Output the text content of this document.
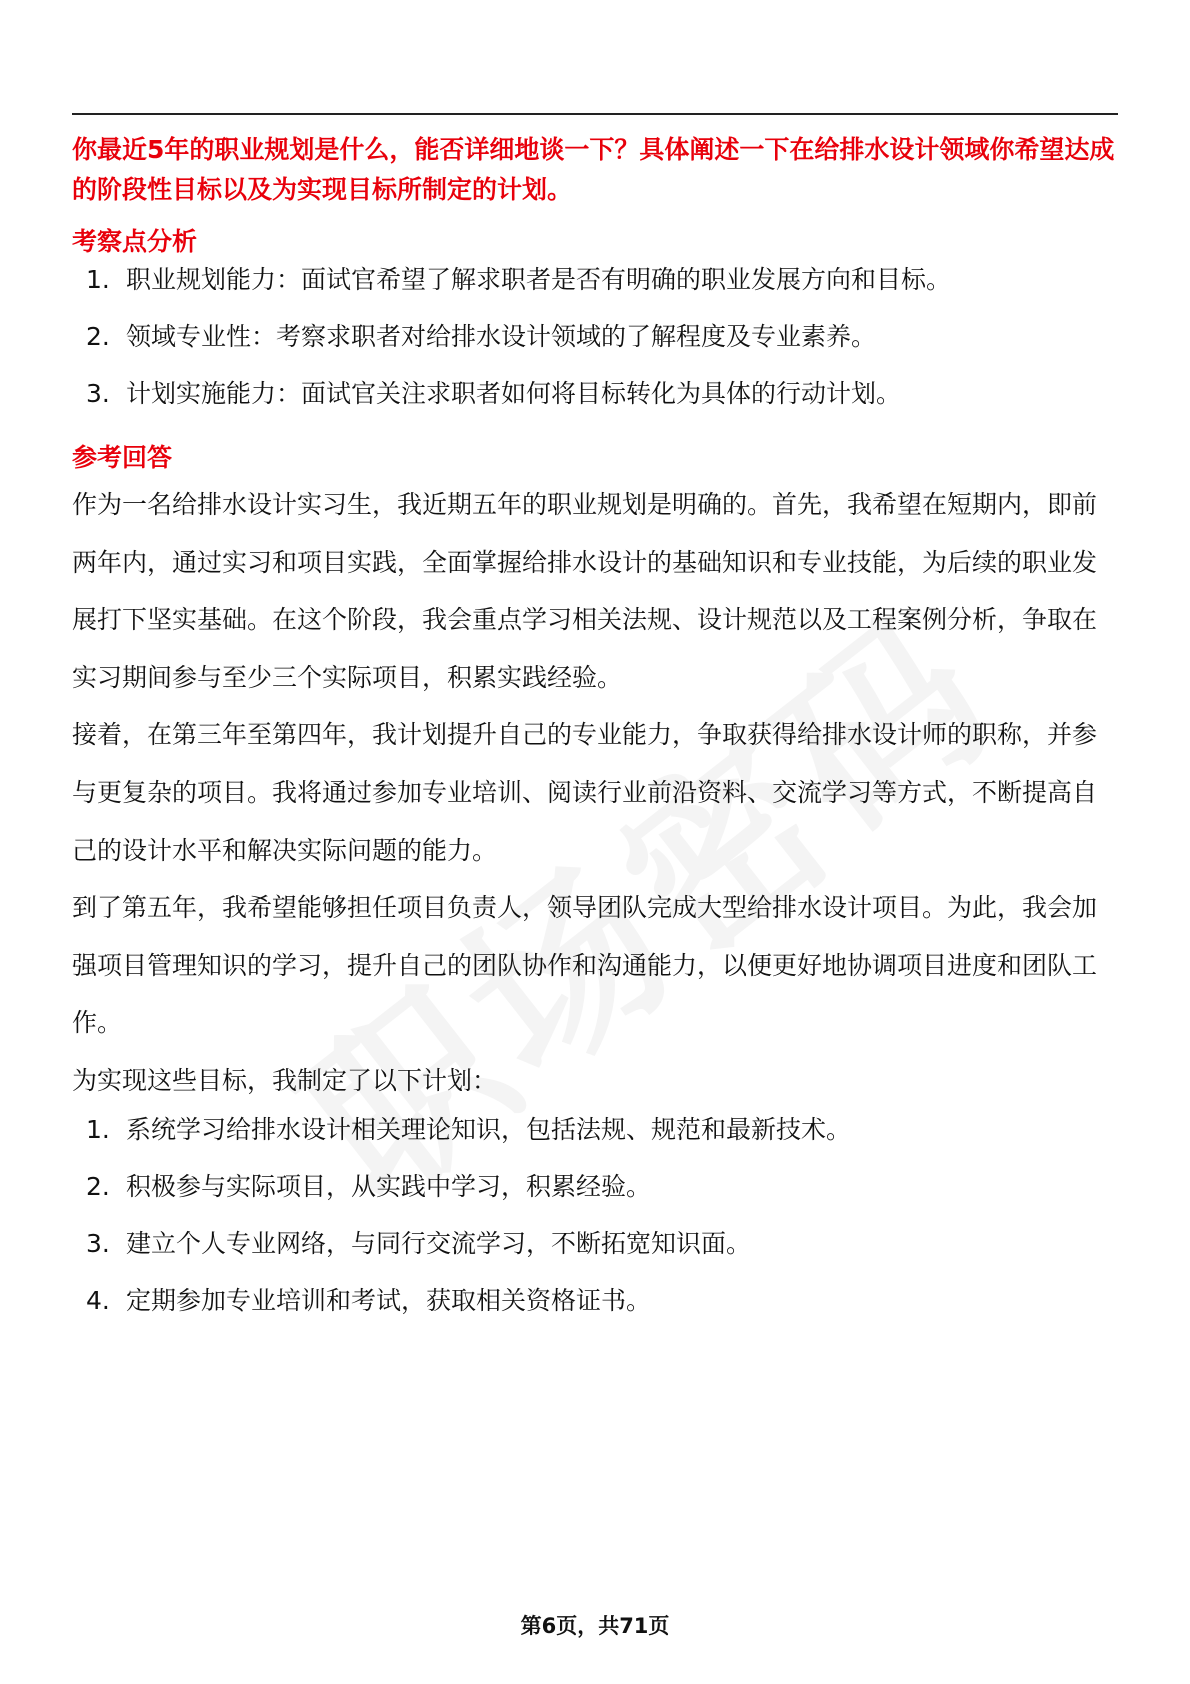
你最近5年的职业规划是什么，能否详细地谈一下？具体阐述一下在给排水设计领域你希望达成的阶段性目标以及为实现目标所制定的计划。

考察点分析
1. 职业规划能力：面试官希望了解求职者是否有明确的职业发展方向和目标。
2. 领域专业性：考察求职者对给排水设计领域的了解程度及专业素养。
3. 计划实施能力：面试官关注求职者如何将目标转化为具体的行动计划。
参考回答

作为一名给排水设计实习生，我近期五年的职业规划是明确的。首先，我希望在短期内，即前两年内，通过实习和项目实践，全面掌握给排水设计的基础知识和专业技能，为后续的职业发展打下坚实基础。在这个阶段，我会重点学习相关法规、设计规范以及工程案例分析，争取在实习期间参与至少三个实际项目，积累实践经验。

接着，在第三年至第四年，我计划提升自己的专业能力，争取获得给排水设计师的职称，并参与更复杂的项目。我将通过参加专业培训、阅读行业前沿资料、交流学习等方式，不断提高自己的设计水平和解决实际问题的能力。

到了第五年，我希望能够担任项目负责人，领导团队完成大型给排水设计项目。为此，我会加强项目管理知识的学习，提升自己的团队协作和沟通能力，以便更好地协调项目进度和团队工作。

为实现这些目标，我制定了以下计划：

1. 系统学习给排水设计相关理论知识，包括法规、规范和最新技术。
2. 积极参与实际项目，从实践中学习，积累经验。
3. 建立个人专业网络，与同行交流学习，不断拓宽知识面。
4. 定期参加专业培训和考试，获取相关资格证书。
第6页，共71页
